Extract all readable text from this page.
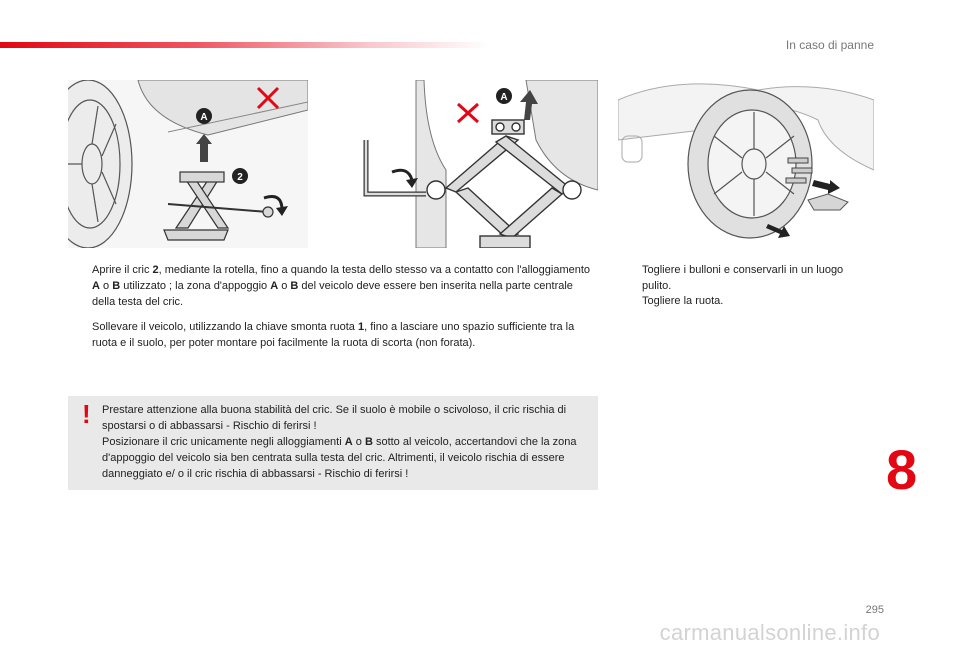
In caso di panne
A
2
A
Aprire il cric 2, mediante la rotella, fino a quando la testa dello stesso va a contatto con l'alloggiamento A o B utilizzato ; la zona d'appoggio A o B del veicolo deve essere ben inserita nella parte centrale della testa del cric.
Sollevare il veicolo, utilizzando la chiave smonta ruota 1, fino a lasciare uno spazio sufficiente tra la ruota e il suolo, per poter montare poi facilmente la ruota di scorta (non forata).
Togliere i bulloni e conservarli in un luogo pulito.
Togliere la ruota.
! Prestare attenzione alla buona stabilità del cric. Se il suolo è mobile o scivoloso, il cric rischia di spostarsi o di abbassarsi - Rischio di ferirsi !

Posizionare il cric unicamente negli alloggiamenti A o B sotto al veicolo, accertandovi che la zona d'appoggio del veicolo sia ben centrata sulla testa del cric. Altrimenti, il veicolo rischia di essere danneggiato e/ o il cric rischia di abbassarsi - Rischio di ferirsi !	8
295
carmanualsonline.info
